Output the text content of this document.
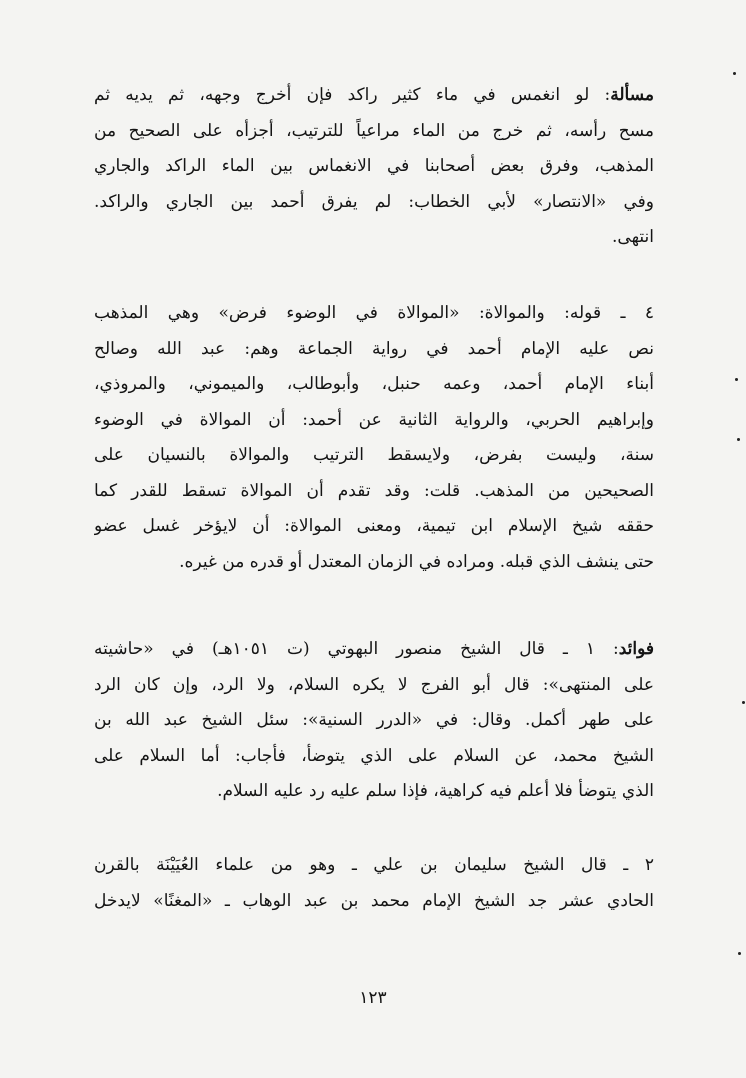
مسألة: لو انغمس في ماء كثير راكد فإن أخرج وجهه، ثم يديه ثم
مسح رأسه، ثم خرج من الماء مراعياً للترتيب، أجزأه على الصحيح من
المذهب، وفرق بعض أصحابنا في الانغماس بين الماء الراكد والجاري
وفي «الانتصار» لأبي الخطاب: لم يفرق أحمد بين الجاري والراكد.
انتهى.
٤ ـ قوله: والموالاة: «الموالاة في الوضوء فرض» وهي المذهب
نص عليه الإمام أحمد في رواية الجماعة وهم: عبد الله وصالح
أبناء الإمام أحمد، وعمه حنبل، وأبوطالب، والميموني، والمروذي،
وإبراهيم الحربي، والرواية الثانية عن أحمد: أن الموالاة في الوضوء
سنة، وليست بفرض، ولايسقط الترتيب والموالاة بالنسيان على
الصحيحين من المذهب. قلت: وقد تقدم أن الموالاة تسقط للقدر كما
حققه شيخ الإسلام ابن تيمية، ومعنى الموالاة: أن لايؤخر غسل عضو
حتى ينشف الذي قبله. ومراده في الزمان المعتدل أو قدره من غيره.
فوائد: ١ ـ قال الشيخ منصور البهوتي (ت ١٠٥١هـ) في «حاشيته
على المنتهى»: قال أبو الفرج لا يكره السلام، ولا الرد، وإن كان الرد
على طهر أكمل. وقال: في «الدرر السنية»: سئل الشيخ عبد الله بن
الشيخ محمد، عن السلام على الذي يتوضأ، فأجاب: أما السلام على
الذي يتوضأ فلا أعلم فيه كراهية، فإذا سلم عليه رد عليه السلام.
٢ ـ قال الشيخ سليمان بن علي ـ وهو من علماء العُيَيْنَة بالقرن
الحادي عشر جد الشيخ الإمام محمد بن عبد الوهاب ـ «المغنًا» لايدخل
١٢٣
